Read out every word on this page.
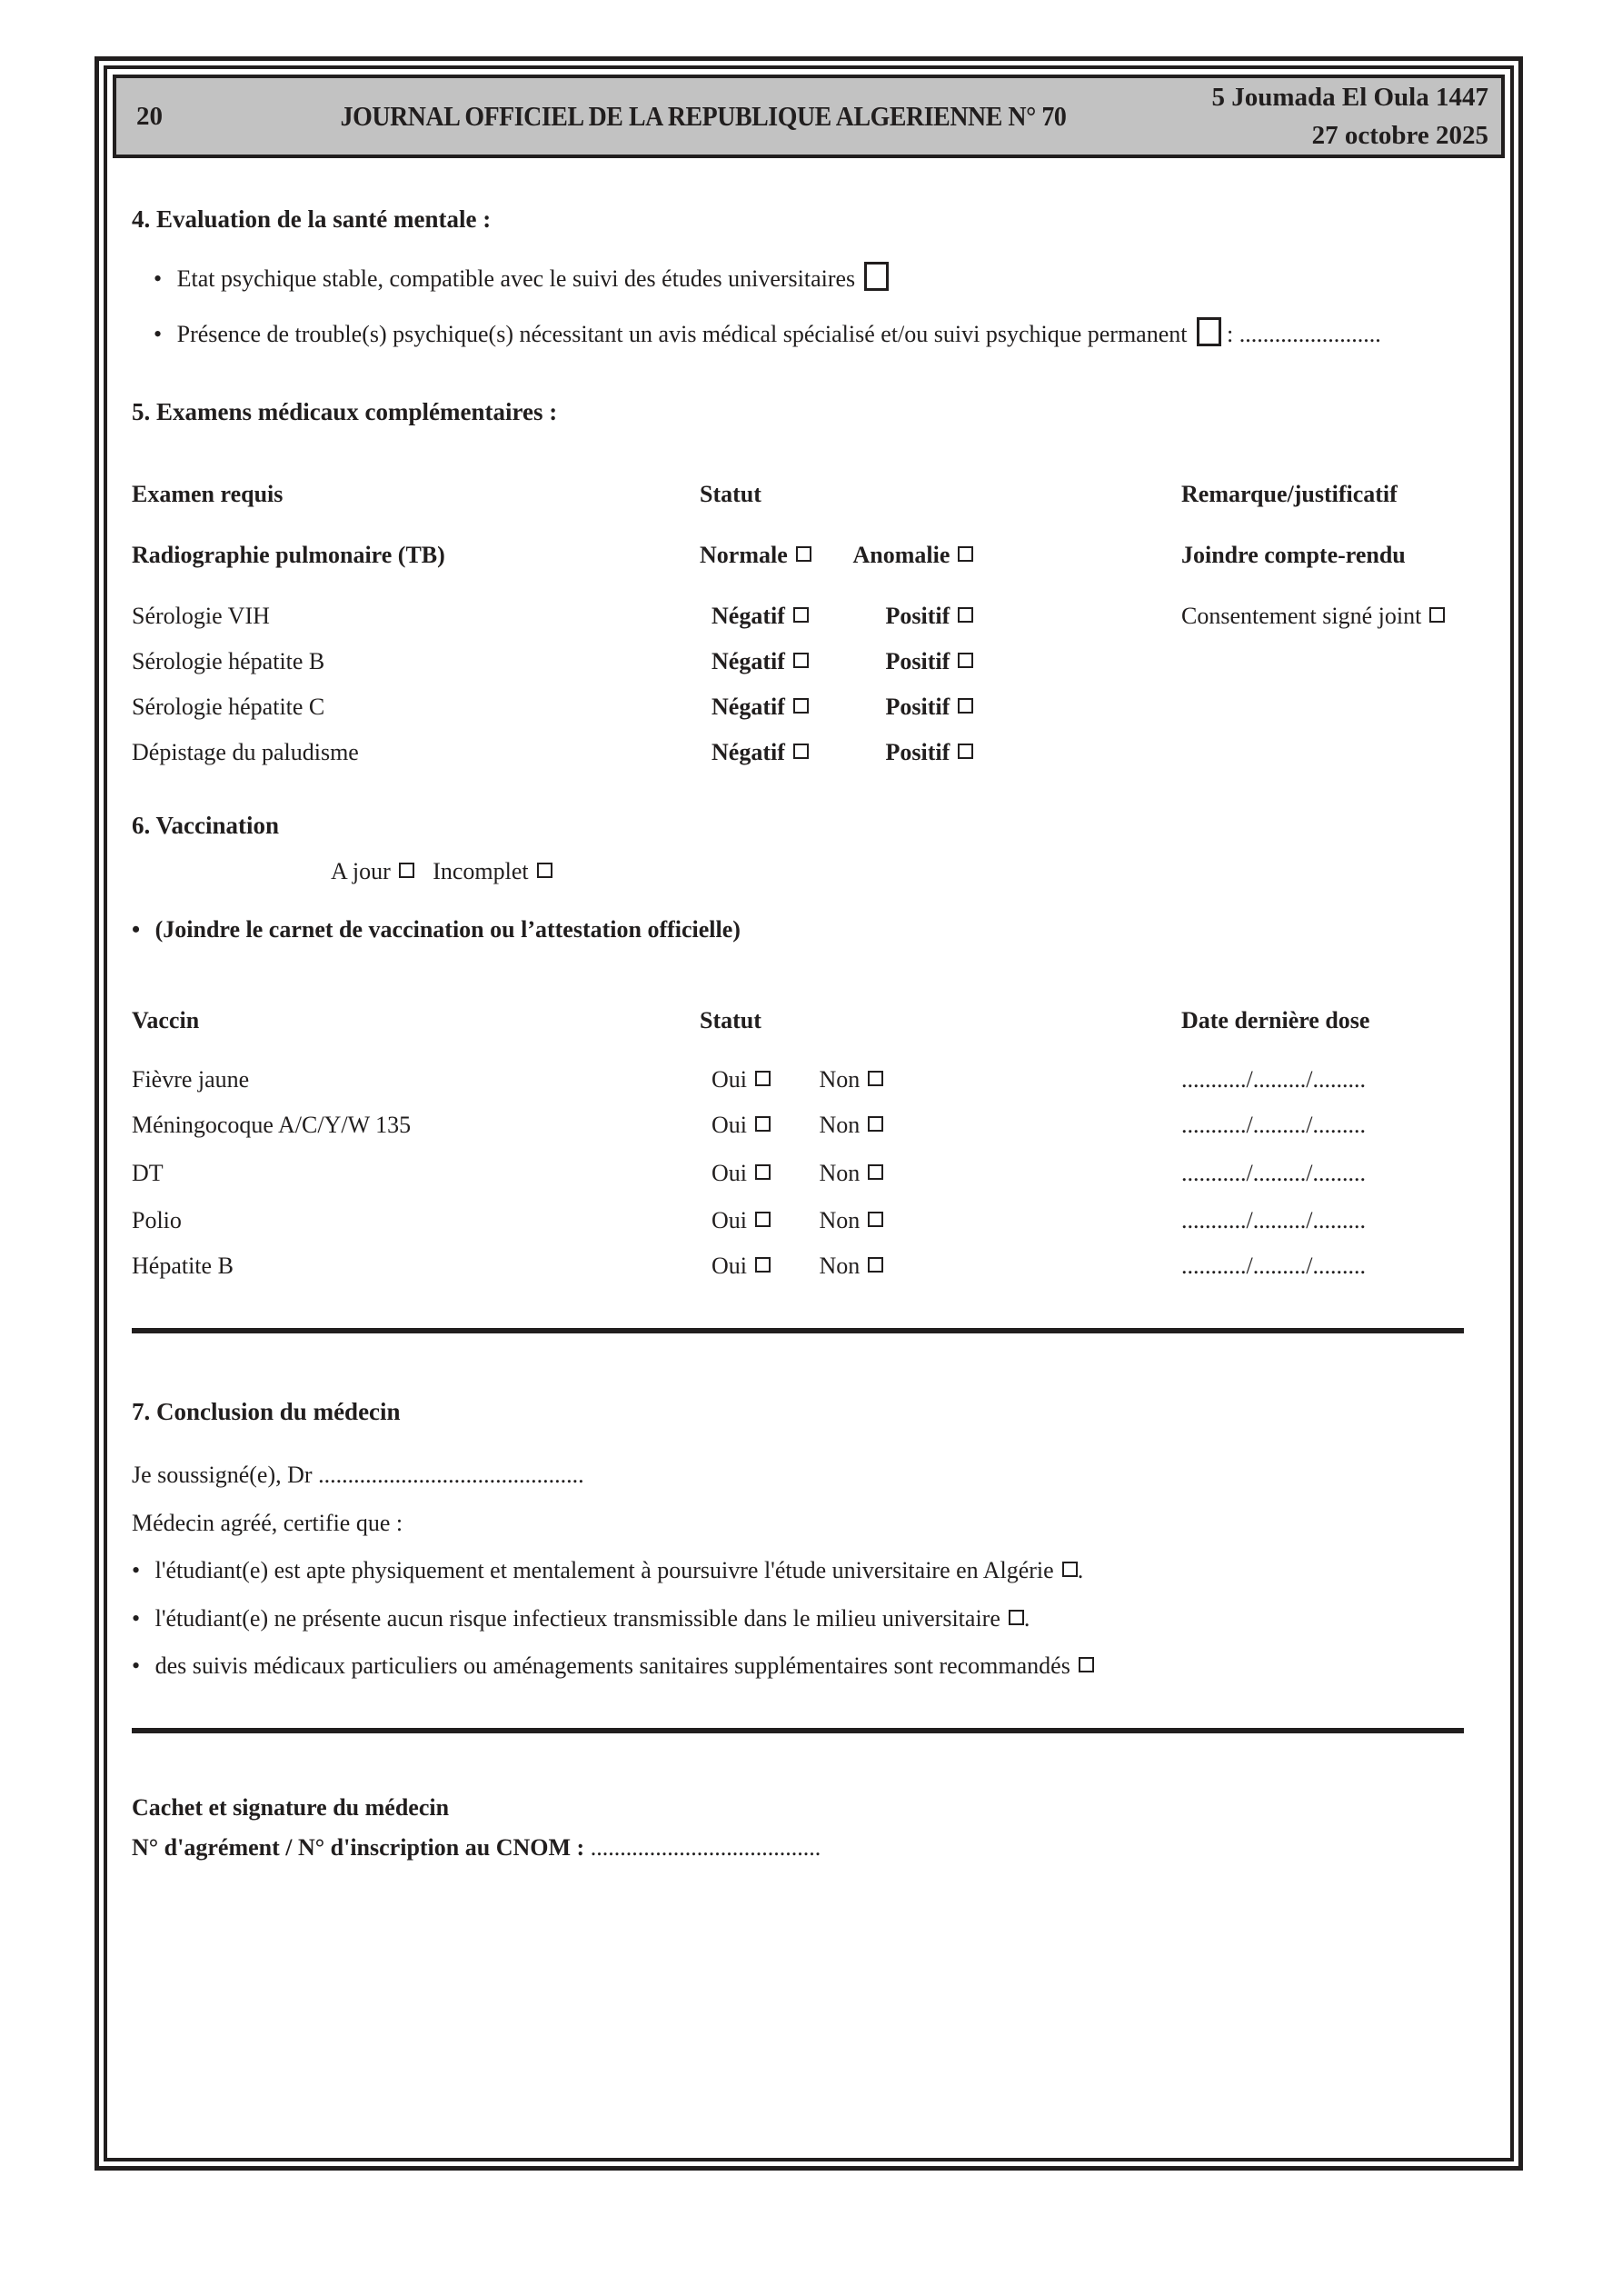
20	JOURNAL OFFICIEL DE LA REPUBLIQUE ALGERIENNE N° 70
5 Joumada El Oula 1447
27 octobre 2025
4. Evaluation de la santé mentale :
• Etat psychique stable, compatible avec le suivi des études universitaires
• Présence de trouble(s) psychique(s) nécessitant un avis médical spécialisé et/ou suivi psychique permanent : ........................
5. Examens médicaux complémentaires :
Examen requis	Statut	Remarque/justificatif
Radiographie pulmonaire (TB)	Normale	Anomalie	Joindre compte-rendu
Sérologie VIH	Négatif	Positif	Consentement signé joint
Sérologie hépatite B	Négatif	Positif
Sérologie hépatite C	Négatif	Positif
Dépistage du paludisme	Négatif	Positif
6. Vaccination
A jour Incomplet
• (Joindre le carnet de vaccination ou l’attestation officielle)
Vaccin	Statut	Date dernière dose
Fièvre jaune	Oui	Non	.........../........./.........
Méningocoque A/C/Y/W 135	Oui	Non	.........../........./.........
DT	Oui	Non	.........../........./.........
Polio	Oui	Non	.........../........./.........
Hépatite B	Oui	Non	.........../........./.........
7. Conclusion du médecin
Je soussigné(e), Dr .............................................
Médecin agréé, certifie que :
• l'étudiant(e) est apte physiquement et mentalement à poursuivre l'étude universitaire en Algérie .
• l'étudiant(e) ne présente aucun risque infectieux transmissible dans le milieu universitaire .
• des suivis médicaux particuliers ou aménagements sanitaires supplémentaires sont recommandés
Cachet et signature du médecin
N° d'agrément / N° d'inscription au CNOM : .......................................
